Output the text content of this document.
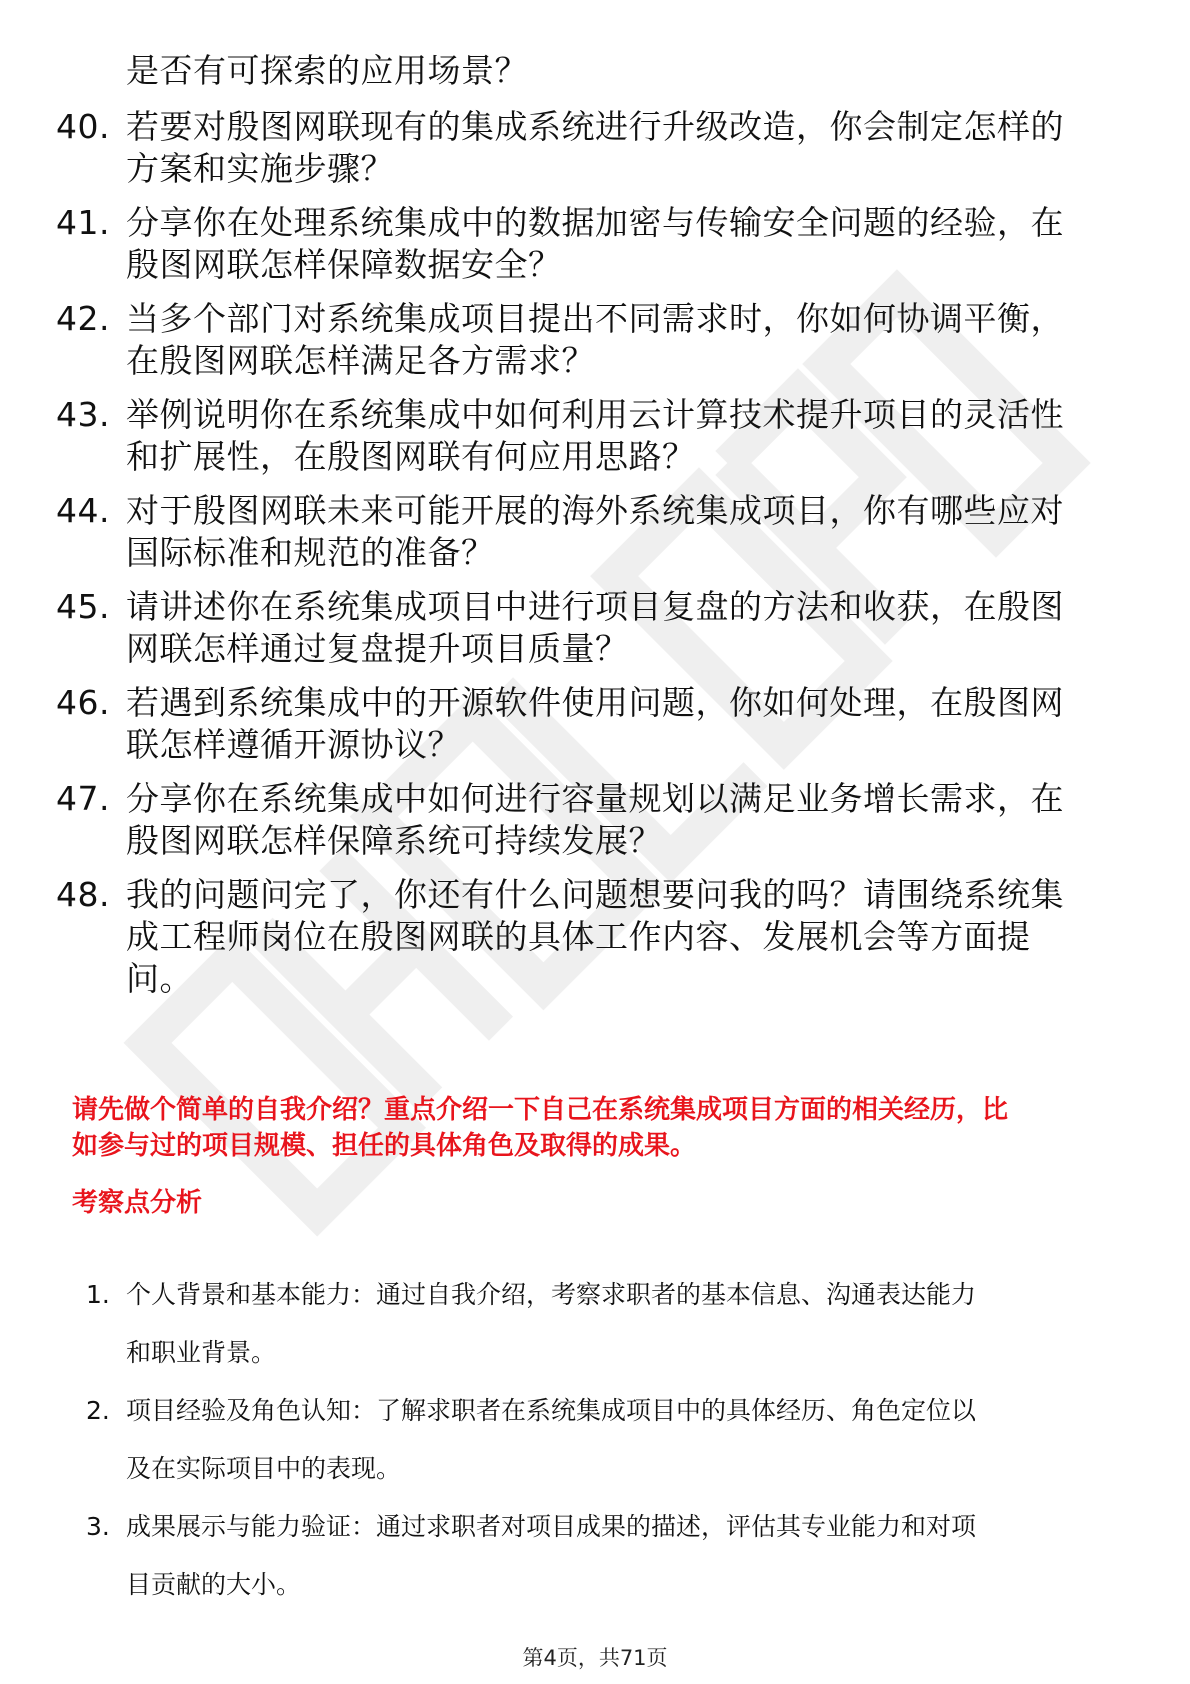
是否有可探索的应用场景？
40. 若要对殷图网联现有的集成系统进行升级改造，你会制定怎样的
方案和实施步骤？
41. 分享你在处理系统集成中的数据加密与传输安全问题的经验，在
殷图网联怎样保障数据安全？
42. 当多个部门对系统集成项目提出不同需求时，你如何协调平衡，
在殷图网联怎样满足各方需求？
43. 举例说明你在系统集成中如何利用云计算技术提升项目的灵活性
和扩展性，在殷图网联有何应用思路？
44. 对于殷图网联未来可能开展的海外系统集成项目，你有哪些应对
国际标准和规范的准备？
45. 请讲述你在系统集成项目中进行项目复盘的方法和收获，在殷图
网联怎样通过复盘提升项目质量？
46. 若遇到系统集成中的开源软件使用问题，你如何处理，在殷图网
联怎样遵循开源协议？
47. 分享你在系统集成中如何进行容量规划以满足业务增长需求，在
殷图网联怎样保障系统可持续发展？
48. 我的问题问完了，你还有什么问题想要问我的吗？请围绕系统集
成工程师岗位在殷图网联的具体工作内容、发展机会等方面提
问。
请先做个简单的自我介绍？重点介绍一下自己在系统集成项目方面的相关经历，比
如参与过的项目规模、担任的具体角色及取得的成果。
考察点分析
1. 个人背景和基本能力：通过自我介绍，考察求职者的基本信息、沟通表达能力
和职业背景。
2. 项目经验及角色认知：了解求职者在系统集成项目中的具体经历、角色定位以
及在实际项目中的表现。
3. 成果展示与能力验证：通过求职者对项目成果的描述，评估其专业能力和对项
目贡献的大小。
第4页，共71页
